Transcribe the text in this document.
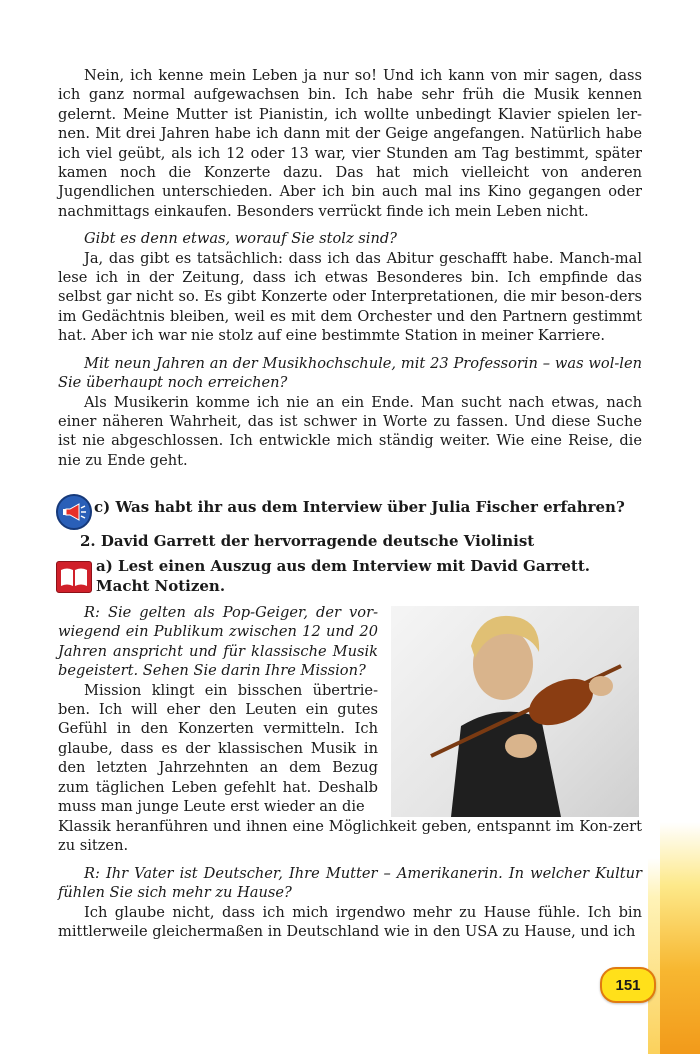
Nein, ich kenne mein Leben ja nur so! Und ich kann von mir sagen, dass ich ganz normal aufgewachsen bin. Ich habe sehr früh die Musik kennen gelernt. Meine Mutter ist Pianistin, ich wollte unbedingt Klavier spielen ler-nen. Mit drei Jahren habe ich dann mit der Geige angefangen. Natürlich habe ich viel geübt, als ich 12 oder 13 war, vier Stunden am Tag bestimmt, später kamen noch die Konzerte dazu. Das hat mich vielleicht von anderen Jugendlichen unterschieden. Aber ich bin auch mal ins Kino gegangen oder nachmittags einkaufen. Besonders verrückt finde ich mein Leben nicht.

Gibt es denn etwas, worauf Sie stolz sind?

Ja, das gibt es tatsächlich: dass ich das Abitur geschafft habe. Manch-mal lese ich in der Zeitung, dass ich etwas Besonderes bin. Ich empfinde das selbst gar nicht so. Es gibt Konzerte oder Interpretationen, die mir beson-ders im Gedächtnis bleiben, weil es mit dem Orchester und den Partnern gestimmt hat. Aber ich war nie stolz auf eine bestimmte Station in meiner Karriere.

Mit neun Jahren an der Musikhochschule, mit 23 Professorin – was wol-len Sie überhaupt noch erreichen?

Als Musikerin komme ich nie an ein Ende. Man sucht nach etwas, nach einer näheren Wahrheit, das ist schwer in Worte zu fassen. Und diese Suche ist nie abgeschlossen. Ich entwickle mich ständig weiter. Wie eine Reise, die nie zu Ende geht.

c) Was habt ihr aus dem Interview über Julia Fischer erfahren?
2. David Garrett der hervorragende deutsche Violinist
a) Lest einen Auszug aus dem Interview mit David Garrett. Macht Notizen.

R: Sie gelten als Pop-Geiger, der vor-wiegend ein Publikum zwischen 12 und 20 Jahren anspricht und für klassische Musik begeistert. Sehen Sie darin Ihre Mission?

Mission klingt ein bisschen übertrie-ben. Ich will eher den Leuten ein gutes Gefühl in den Konzerten vermitteln. Ich glaube, dass es der klassischen Musik in den letzten Jahrzehnten an dem Bezug zum täglichen Leben gefehlt hat. Deshalb muss man junge Leute erst wieder an die

Klassik heranführen und ihnen eine Möglichkeit geben, entspannt im Kon-zert zu sitzen.

R: Ihr Vater ist Deutscher, Ihre Mutter – Amerikanerin. In welcher Kultur fühlen Sie sich mehr zu Hause?

Ich glaube nicht, dass ich mich irgendwo mehr zu Hause fühle. Ich bin mittlerweile gleichermaßen in Deutschland wie in den USA zu Hause, und ich

151
